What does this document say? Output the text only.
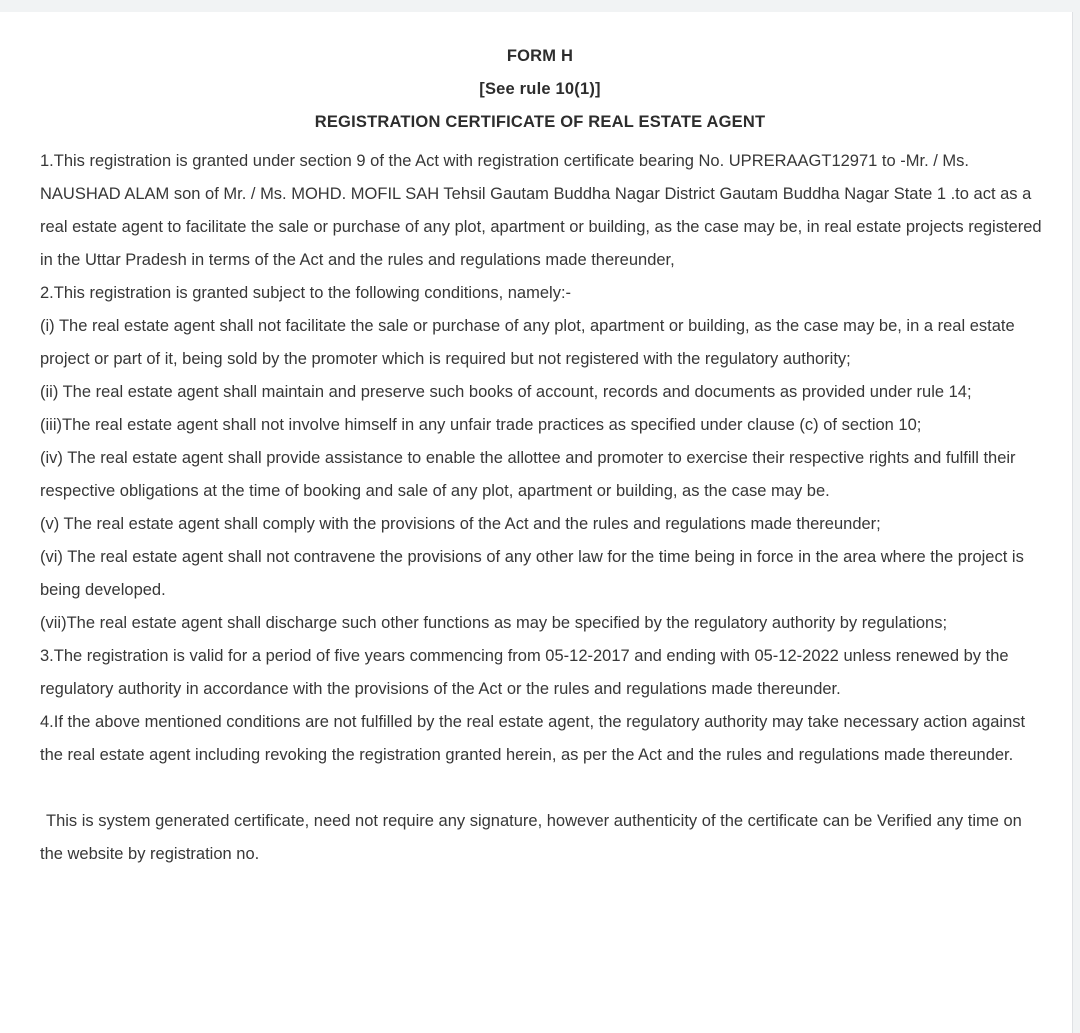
FORM H
[See rule 10(1)]
REGISTRATION CERTIFICATE OF REAL ESTATE AGENT
1.This registration is granted under section 9 of the Act with registration certificate bearing No. UPRERAAGT12971 to -Mr. / Ms. NAUSHAD ALAM son of Mr. / Ms. MOHD. MOFIL SAH Tehsil Gautam Buddha Nagar District Gautam Buddha Nagar State 1 .to act as a real estate agent to facilitate the sale or purchase of any plot, apartment or building, as the case may be, in real estate projects registered in the Uttar Pradesh in terms of the Act and the rules and regulations made thereunder,
2.This registration is granted subject to the following conditions, namely:-
(i) The real estate agent shall not facilitate the sale or purchase of any plot, apartment or building, as the case may be, in a real estate project or part of it, being sold by the promoter which is required but not registered with the regulatory authority;
(ii) The real estate agent shall maintain and preserve such books of account, records and documents as provided under rule 14;
(iii)The real estate agent shall not involve himself in any unfair trade practices as specified under clause (c) of section 10;
(iv) The real estate agent shall provide assistance to enable the allottee and promoter to exercise their respective rights and fulfill their respective obligations at the time of booking and sale of any plot, apartment or building, as the case may be.
(v) The real estate agent shall comply with the provisions of the Act and the rules and regulations made thereunder;
(vi) The real estate agent shall not contravene the provisions of any other law for the time being in force in the area where the project is being developed.
(vii)The real estate agent shall discharge such other functions as may be specified by the regulatory authority by regulations;
3.The registration is valid for a period of five years commencing from 05-12-2017 and ending with 05-12-2022 unless renewed by the regulatory authority in accordance with the provisions of the Act or the rules and regulations made thereunder.
4.If the above mentioned conditions are not fulfilled by the real estate agent, the regulatory authority may take necessary action against the real estate agent including revoking the registration granted herein, as per the Act and the rules and regulations made thereunder.
This is system generated certificate, need not require any signature, however authenticity of the certificate can be Verified any time on the website by registration no.
